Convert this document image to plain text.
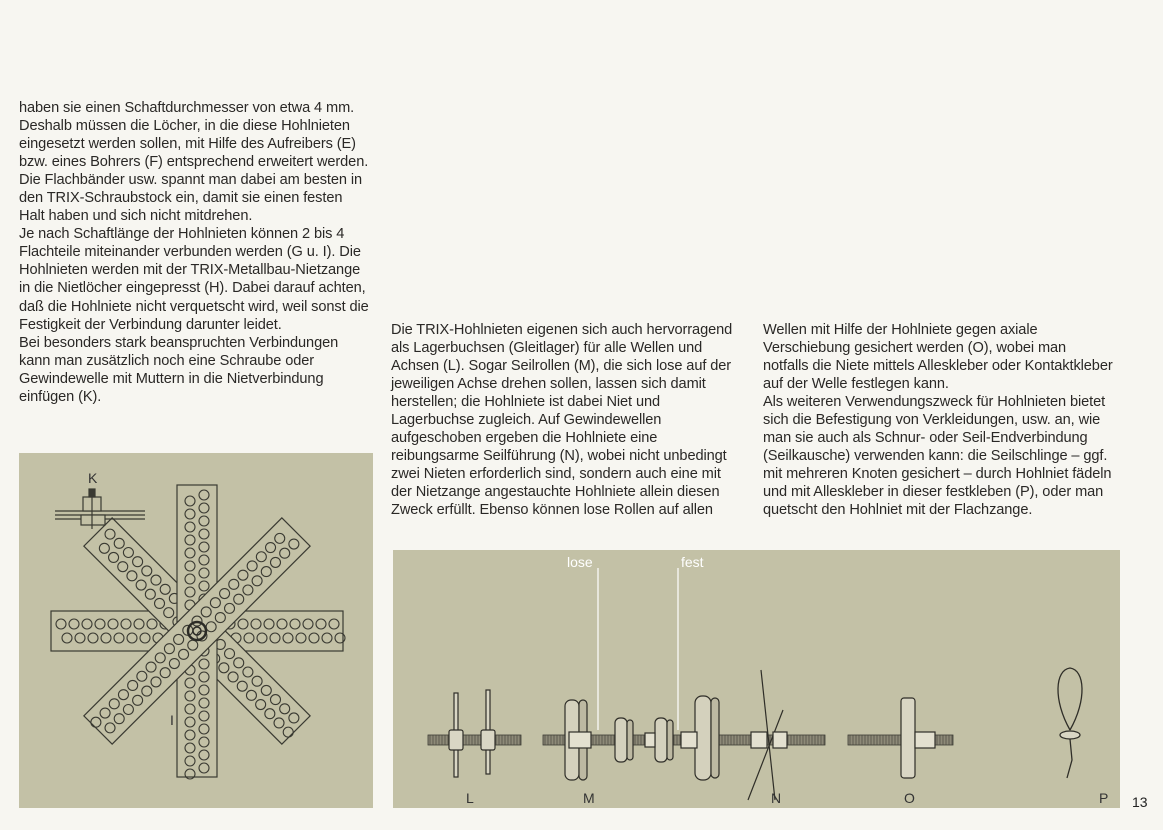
haben sie einen Schaftdurchmesser von etwa 4 mm. Deshalb müssen die Löcher, in die diese Hohlnieten eingesetzt werden sollen, mit Hilfe des Aufreibers (E) bzw. eines Bohrers (F) entsprechend erweitert werden. Die Flachbänder usw. spannt man dabei am besten in den TRIX-Schraubstock ein, damit sie einen festen Halt haben und sich nicht mitdrehen.

Je nach Schaftlänge der Hohlnieten können 2 bis 4 Flachteile miteinander verbunden werden (G u. I). Die Hohlnieten werden mit der TRIX-Metallbau-Nietzange in die Nietlöcher eingepresst (H). Dabei darauf achten, daß die Hohlniete nicht verquetscht wird, weil sonst die Festigkeit der Verbindung darunter leidet.

Bei besonders stark beanspruchten Verbindungen kann man zusätzlich noch eine Schraube oder Gewindewelle mit Muttern in die Nietverbindung einfügen (K).

Die TRIX-Hohlnieten eigenen sich auch hervorragend als Lagerbuchsen (Gleitlager) für alle Wellen und Achsen (L). Sogar Seilrollen (M), die sich lose auf der jeweiligen Achse drehen sollen, lassen sich damit herstellen; die Hohlniete ist dabei Niet und Lagerbuchse zugleich. Auf Gewindewellen aufgeschoben ergeben die Hohlniete eine reibungsarme Seilführung (N), wobei nicht unbedingt zwei Nieten erforderlich sind, sondern auch eine mit der Nietzange angestauchte Hohlniete allein diesen Zweck erfüllt. Ebenso können lose Rollen auf allen

Wellen mit Hilfe der Hohlniete gegen axiale Verschiebung gesichert werden (O), wobei man notfalls die Niete mittels Alleskleber oder Kontaktkleber auf der Welle festlegen kann.

Als weiteren Verwendungszweck für Hohlnieten bietet sich die Befestigung von Verkleidungen, usw. an, wie man sie auch als Schnur- oder Seil-Endverbindung (Seilkausche) verwenden kann: die Seilschlinge – ggf. mit mehreren Knoten gesichert – durch Hohlniet fädeln und mit Alleskleber in dieser festkleben (P), oder man quetscht den Hohlniet mit der Flachzange.

K
I
lose	fest
L	M	N	O	P 13
